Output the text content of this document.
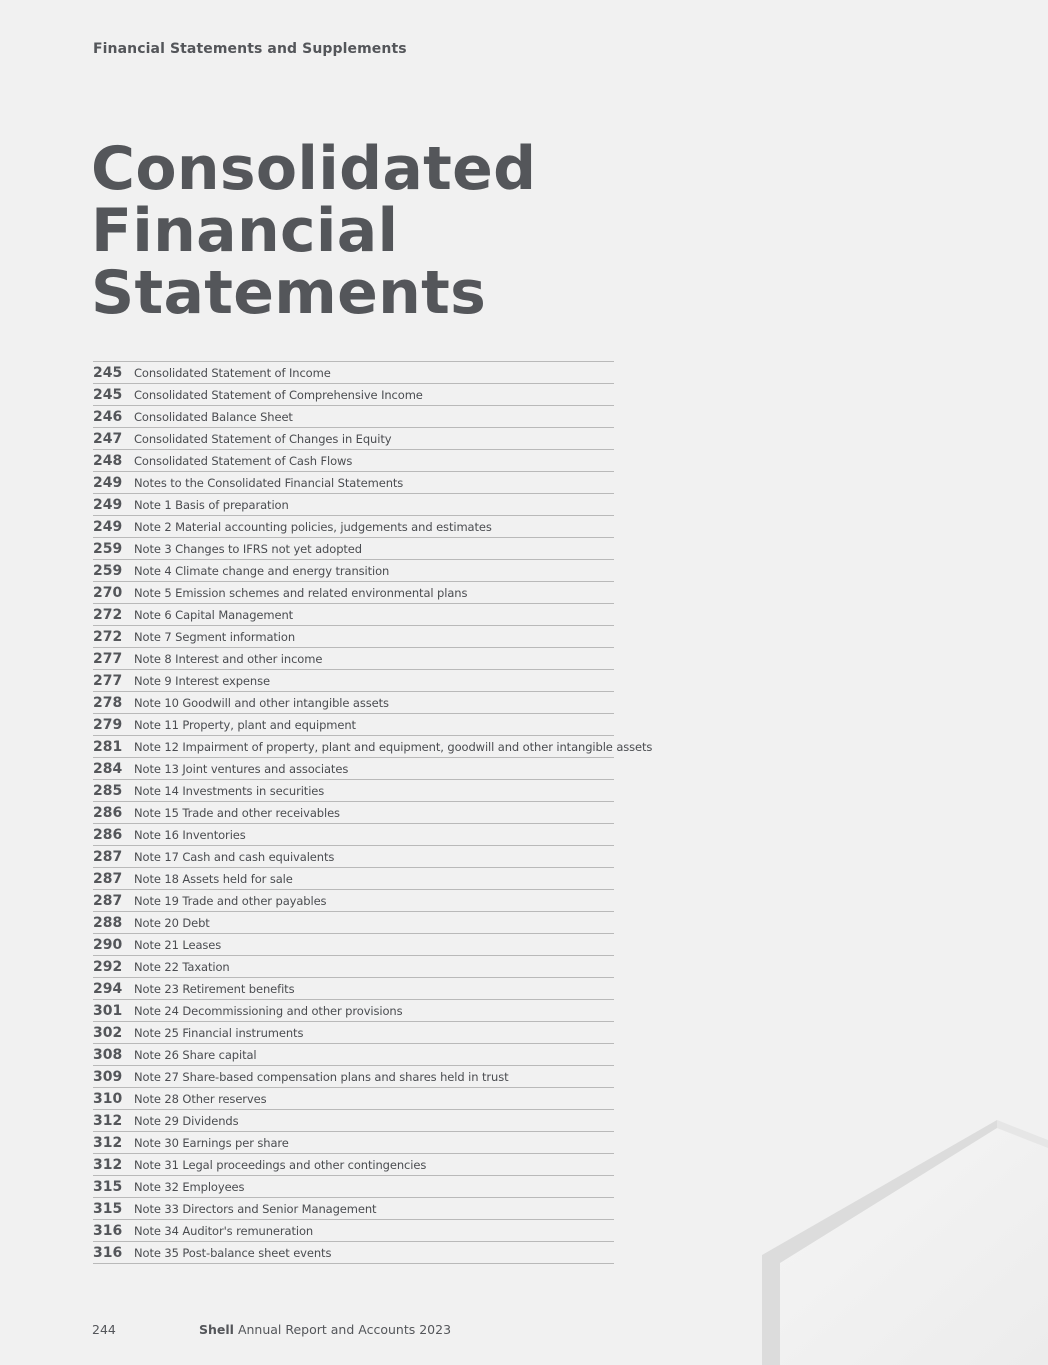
Financial Statements and Supplements
Consolidated
Financial
Statements
245	Consolidated Statement of Income
245	Consolidated Statement of Comprehensive Income
246	Consolidated Balance Sheet
247	Consolidated Statement of Changes in Equity
248	Consolidated Statement of Cash Flows
249	Notes to the Consolidated Financial Statements
249	Note 1 Basis of preparation
249	Note 2 Material accounting policies, judgements and estimates
259	Note 3 Changes to IFRS not yet adopted
259	Note 4 Climate change and energy transition
270	Note 5 Emission schemes and related environmental plans
272	Note 6 Capital Management
272	Note 7 Segment information
277	Note 8 Interest and other income
277	Note 9 Interest expense
278	Note 10 Goodwill and other intangible assets
279	Note 11 Property, plant and equipment
281	Note 12 Impairment of property, plant and equipment, goodwill and other intangible assets
284	Note 13 Joint ventures and associates
285	Note 14 Investments in securities
286	Note 15 Trade and other receivables
286	Note 16 Inventories
287	Note 17 Cash and cash equivalents
287	Note 18 Assets held for sale
287	Note 19 Trade and other payables
288	Note 20 Debt
290	Note 21 Leases
292	Note 22 Taxation
294	Note 23 Retirement benefits
301	Note 24 Decommissioning and other provisions
302	Note 25 Financial instruments
308	Note 26 Share capital
309	Note 27 Share-based compensation plans and shares held in trust
310	Note 28 Other reserves
312	Note 29 Dividends
312	Note 30 Earnings per share
312	Note 31 Legal proceedings and other contingencies
315	Note 32 Employees
315	Note 33 Directors and Senior Management
316	Note 34 Auditor's remuneration
316	Note 35 Post-balance sheet events
244	Shell Annual Report and Accounts 2023
